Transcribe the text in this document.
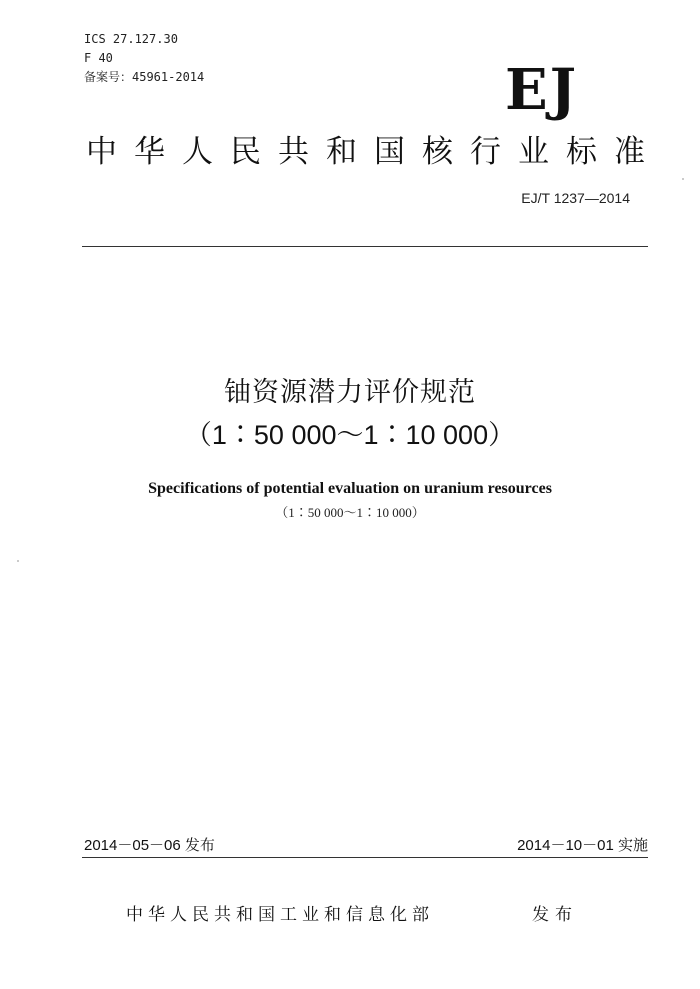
ICS 27.127.30
F 40
备案号：45961-2014	EJ
中华人民共和国核行业标准
EJ/T 1237—2014
铀资源潜力评价规范
（1∶50 000～1∶10 000）
Specifications of potential evaluation on uranium resources
（1∶50 000～1∶10 000）
2014－05－06 发布	2014－10－01 实施
中华人民共和国工业和信息化部	发布
